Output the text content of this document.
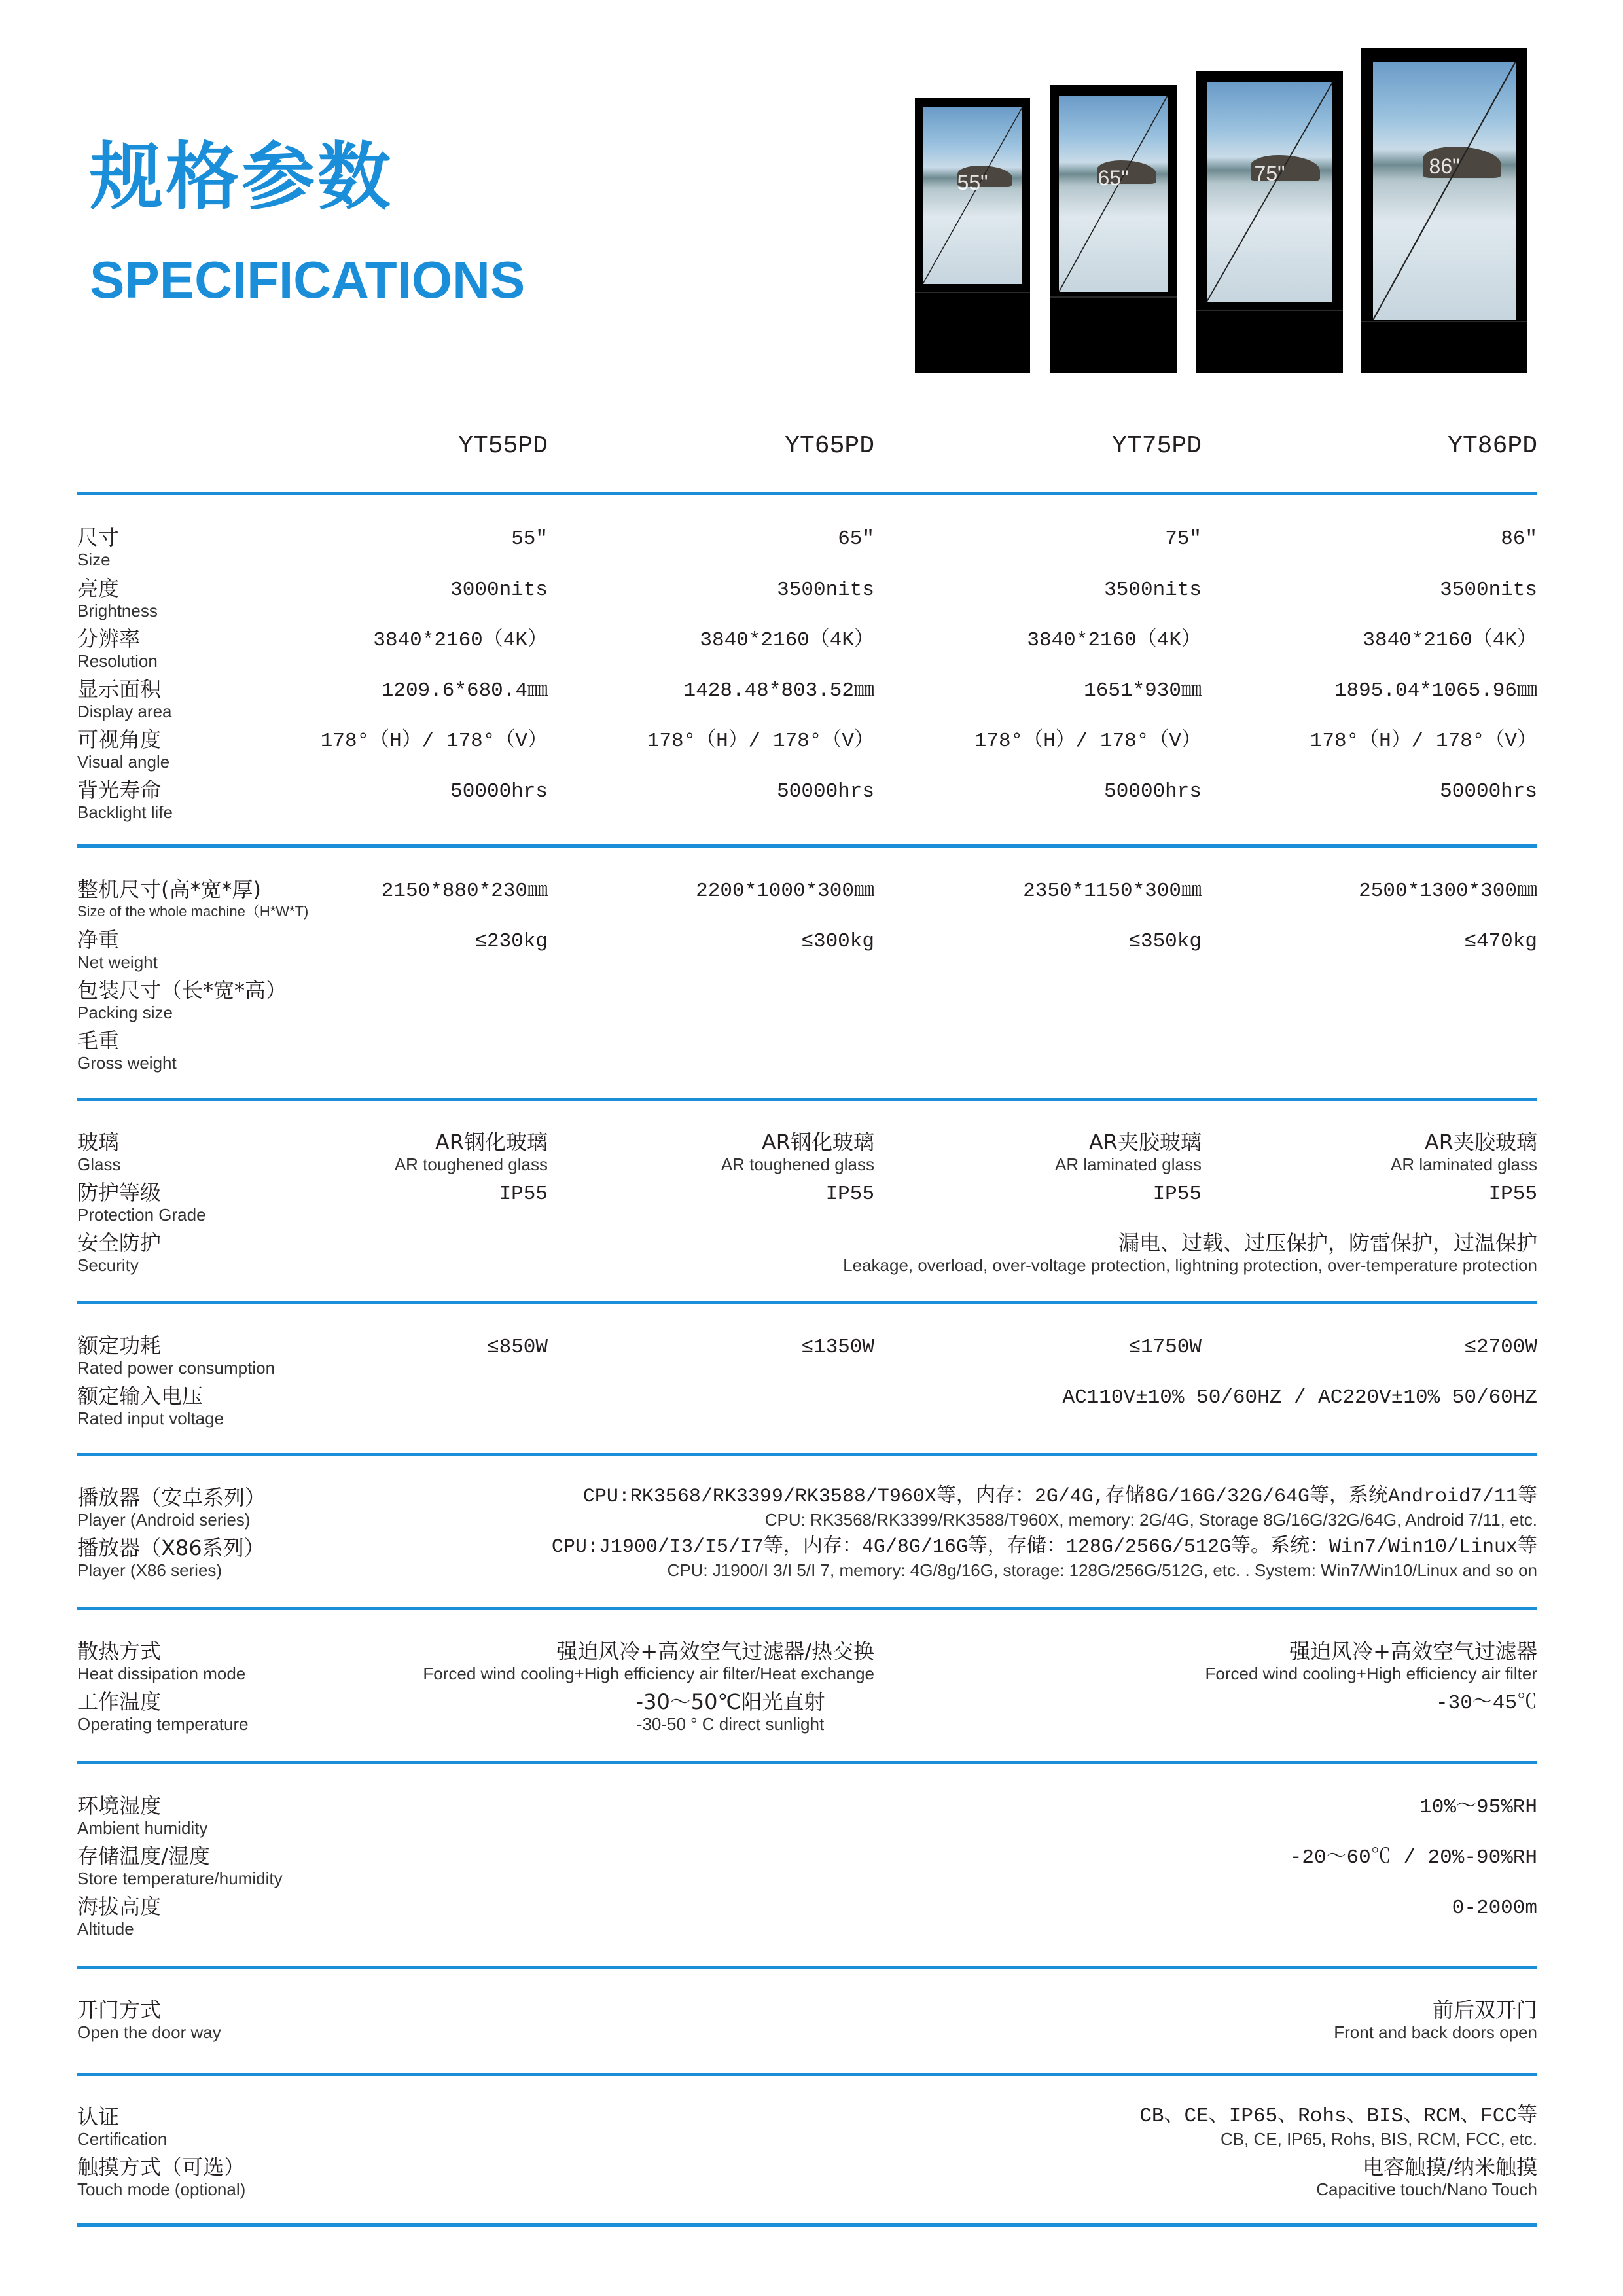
规格参数
SPECIFICATIONS
55"	65"	75"	86"
YT55PD	YT65PD	YT75PD	YT86PD
尺寸
Size
55"	65"	75"	86"
亮度
Brightness
3000nits	3500nits	3500nits	3500nits
分辨率
Resolution
3840*2160（4K）	3840*2160（4K）	3840*2160（4K）	3840*2160（4K）
显示面积
Display area
1209.6*680.4㎜	1428.48*803.52㎜	1651*930㎜	1895.04*1065.96㎜
可视角度
Visual angle
178°（H）/ 178°（V）	178°（H）/ 178°（V）	178°（H）/ 178°（V）	178°（H）/ 178°（V）
背光寿命
Backlight life
50000hrs	50000hrs	50000hrs	50000hrs
整机尺寸(高*宽*厚)
Size of the whole machine（H*W*T)
2150*880*230㎜	2200*1000*300㎜	2350*1150*300㎜	2500*1300*300㎜
净重
Net weight
≤230kg	≤300kg	≤350kg	≤470kg
包装尺寸（长*宽*高）
Packing size
毛重
Gross weight
玻璃
Glass
AR钢化玻璃	AR钢化玻璃	AR夹胶玻璃	AR夹胶玻璃
AR toughened glass	AR toughened glass	AR laminated glass	AR laminated glass
防护等级
Protection Grade
IP55	IP55	IP55	IP55
安全防护
Security
漏电、过载、过压保护，防雷保护，过温保护
Leakage, overload, over-voltage protection, lightning protection, over-temperature protection
额定功耗
Rated power consumption
≤850W	≤1350W	≤1750W	≤2700W
额定输入电压
Rated input voltage
AC110V±10% 50/60HZ / AC220V±10% 50/60HZ
播放器（安卓系列）
Player (Android series)
CPU:RK3568/RK3399/RK3588/T960X等，内存：2G/4G,存储8G/16G/32G/64G等，系统Android7/11等
CPU: RK3568/RK3399/RK3588/T960X, memory: 2G/4G, Storage 8G/16G/32G/64G, Android 7/11, etc.
播放器（X86系列）
Player (X86 series)
CPU:J1900/I3/I5/I7等，内存：4G/8G/16G等，存储：128G/256G/512G等。系统：Win7/Win10/Linux等
CPU: J1900/I 3/I 5/I 7, memory: 4G/8g/16G, storage: 128G/256G/512G, etc. . System: Win7/Win10/Linux and so on
散热方式
Heat dissipation mode
强迫风冷+高效空气过滤器/热交换
Forced wind cooling+High efficiency air filter/Heat exchange
强迫风冷+高效空气过滤器
Forced wind cooling+High efficiency air filter
工作温度
Operating temperature
-30～50℃阳光直射
-30-50 ° C direct sunlight
-30～45℃
环境湿度
Ambient humidity
10%～95%RH
存储温度/湿度
Store temperature/humidity
-20～60℃ / 20%-90%RH
海拔高度
Altitude
0-2000m
开门方式
Open the door way
前后双开门
Front and back doors open
认证
Certification
CB、CE、IP65、Rohs、BIS、RCM、FCC等
CB, CE, IP65, Rohs, BIS, RCM, FCC, etc.
触摸方式（可选）
Touch mode (optional)
电容触摸/纳米触摸
Capacitive touch/Nano Touch
